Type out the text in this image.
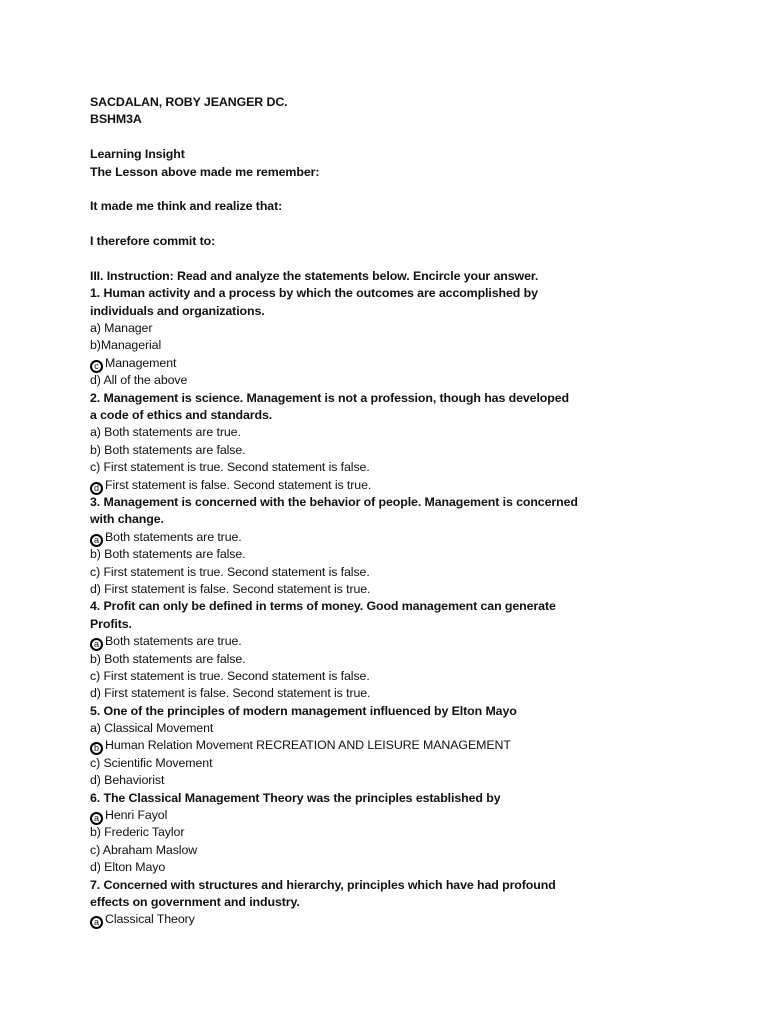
SACDALAN, ROBY JEANGER DC.
BSHM3A
Learning Insight
The Lesson above made me remember:
It made me think and realize that:
I therefore commit to:
III. Instruction: Read and analyze the statements below. Encircle your answer.
1. Human activity and a process by which the outcomes are accomplished by
individuals and organizations.
a) Manager
b)Managerial
c Management
d) All of the above
2. Management is science. Management is not a profession, though has developed
a code of ethics and standards.
a) Both statements are true.
b) Both statements are false.
c) First statement is true. Second statement is false.
d First statement is false. Second statement is true.
3. Management is concerned with the behavior of people. Management is concerned
with change.
a Both statements are true.
b) Both statements are false.
c) First statement is true. Second statement is false.
d) First statement is false. Second statement is true.
4. Profit can only be defined in terms of money. Good management can generate
Profits.
a Both statements are true.
b) Both statements are false.
c) First statement is true. Second statement is false.
d) First statement is false. Second statement is true.
5. One of the principles of modern management influenced by Elton Mayo
a) Classical Movement
b Human Relation Movement RECREATION AND LEISURE MANAGEMENT
c) Scientific Movement
d) Behaviorist
6. The Classical Management Theory was the principles established by
a Henri Fayol
b) Frederic Taylor
c) Abraham Maslow
d) Elton Mayo
7. Concerned with structures and hierarchy, principles which have had profound
effects on government and industry.
a Classical Theory
